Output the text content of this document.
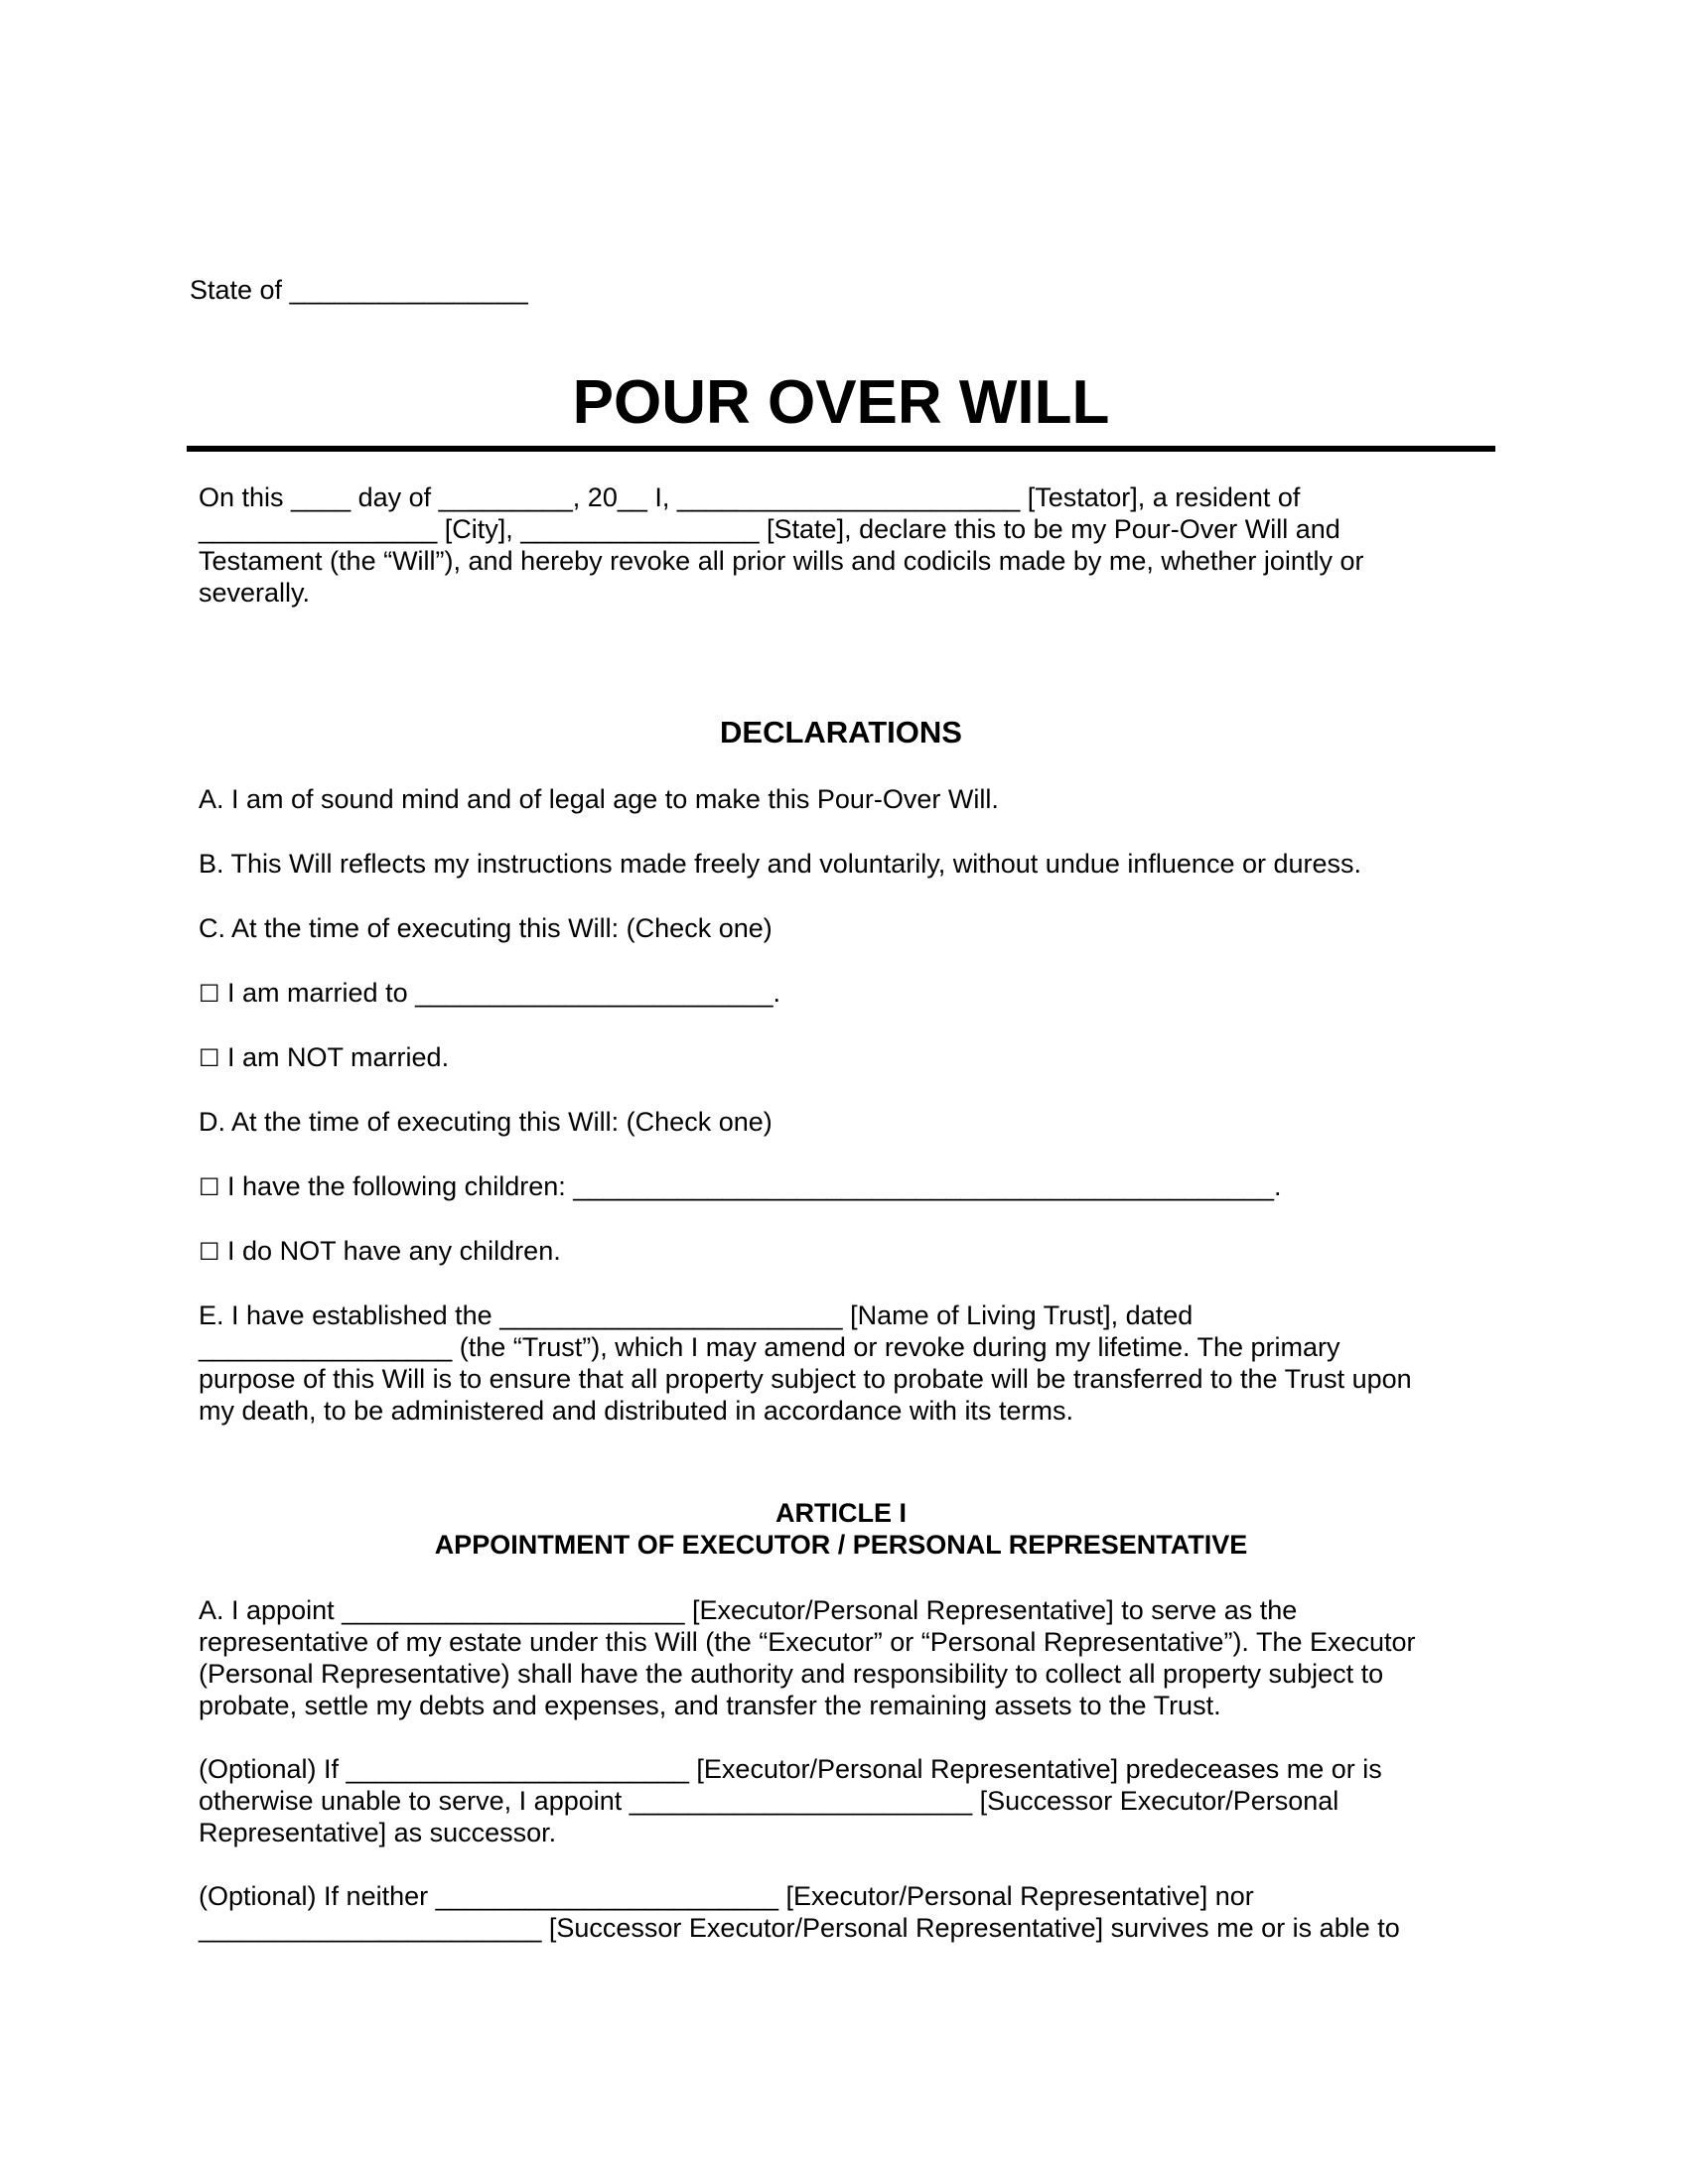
State of ________________
POUR OVER WILL

On this ____ day of _________, 20__ I, _______________________ [Testator], a resident of
________________ [City], ________________ [State], declare this to be my Pour-Over Will and
Testament (the “Will”), and hereby revoke all prior wills and codicils made by me, whether jointly or
severally.

DECLARATIONS

A. I am of sound mind and of legal age to make this Pour-Over Will.

B. This Will reflects my instructions made freely and voluntarily, without undue influence or duress.

C. At the time of executing this Will: (Check one)

☐ I am married to ________________________.

☐ I am NOT married.

D. At the time of executing this Will: (Check one)

☐ I have the following children: _______________________________________________.

☐ I do NOT have any children.

E. I have established the _______________________ [Name of Living Trust], dated
_________________ (the “Trust”), which I may amend or revoke during my lifetime. The primary
purpose of this Will is to ensure that all property subject to probate will be transferred to the Trust upon
my death, to be administered and distributed in accordance with its terms.

ARTICLE I
APPOINTMENT OF EXECUTOR / PERSONAL REPRESENTATIVE

A. I appoint _______________________ [Executor/Personal Representative] to serve as the
representative of my estate under this Will (the “Executor” or “Personal Representative”). The Executor
(Personal Representative) shall have the authority and responsibility to collect all property subject to
probate, settle my debts and expenses, and transfer the remaining assets to the Trust.

(Optional) If _______________________ [Executor/Personal Representative] predeceases me or is
otherwise unable to serve, I appoint _______________________ [Successor Executor/Personal
Representative] as successor.

(Optional) If neither _______________________ [Executor/Personal Representative] nor
_______________________ [Successor Executor/Personal Representative] survives me or is able to
